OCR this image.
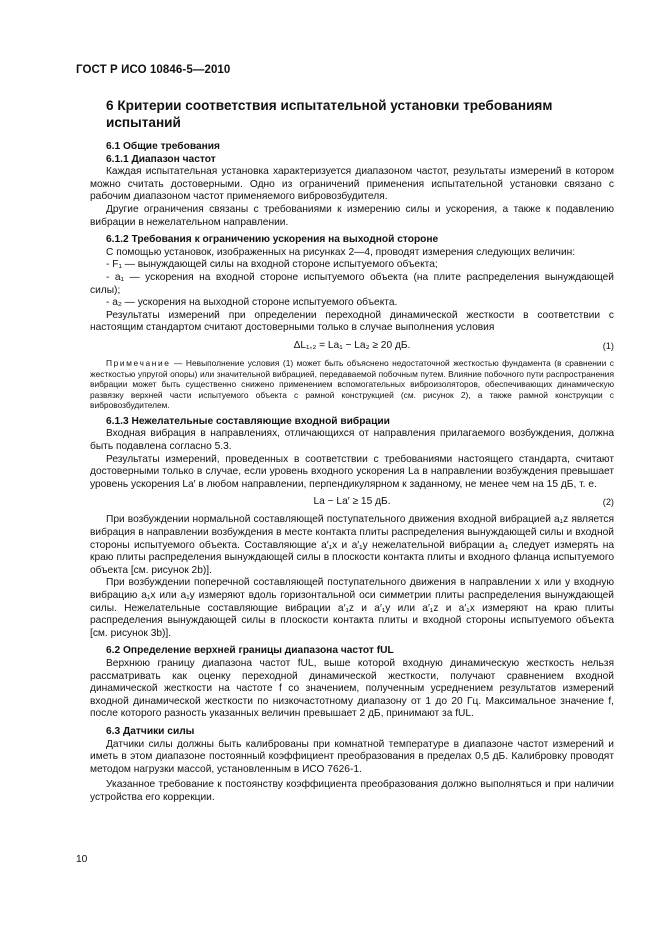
ГОСТ Р ИСО 10846-5—2010

6 Критерии соответствия испытательной установки требованиям испытаний

6.1 Общие требования

6.1.1 Диапазон частот

Каждая испытательная установка характеризуется диапазоном частот, результаты измерений в котором можно считать достоверными. Одно из ограничений применения испытательной установки связано с рабочим диапазоном частот применяемого вибровозбудителя.

Другие ограничения связаны с требованиями к измерению силы и ускорения, а также к подавлению вибрации в нежелательном направлении.

6.1.2 Требования к ограничению ускорения на выходной стороне

С помощью установок, изображенных на рисунках 2—4, проводят измерения следующих величин:

- F₁ — вынуждающей силы на входной стороне испытуемого объекта;

- a₁ — ускорения на входной стороне испытуемого объекта (на плите распределения вынуждающей силы);

- a₂ — ускорения на выходной стороне испытуемого объекта.

Результаты измерений при определении переходной динамической жесткости в соответствии с настоящим стандартом считают достоверными только в случае выполнения условия

ΔL₁,₂ = La₁ − La₂ ≥ 20 дБ.	(1)

Примечание — Невыполнение условия (1) может быть объяснено недостаточной жесткостью фундамента (в сравнении с жесткостью упругой опоры) или значительной вибрацией, передаваемой побочным путем. Влияние побочного пути распространения вибрации может быть существенно снижено применением вспомогательных виброизоляторов, обеспечивающих динамическую развязку верхней части испытуемого объекта с рамной конструкцией (см. рисунок 2), а также рамной конструкции с вибровозбудителем.

6.1.3 Нежелательные составляющие входной вибрации

Входная вибрация в направлениях, отличающихся от направления прилагаемого возбуждения, должна быть подавлена согласно 5.3.

Результаты измерений, проведенных в соответствии с требованиями настоящего стандарта, считают достоверными только в случае, если уровень входного ускорения La в направлении возбуждения превышает уровень ускорения La′ в любом направлении, перпендикулярном к заданному, не менее чем на 15 дБ, т. е.

La − La′ ≥ 15 дБ.	(2)

При возбуждении нормальной составляющей поступательного движения входной вибрацией a₁z является вибрация в направлении возбуждения в месте контакта плиты распределения вынуждающей силы и входной стороны испытуемого объекта. Составляющие a′₁x и a′₁y нежелательной вибрации a₁ следует измерять на краю плиты распределения вынуждающей силы в плоскости контакта плиты и входного фланца испытуемого объекта [см. рисунок 2b)].

При возбуждении поперечной составляющей поступательного движения в направлении x или y входную вибрацию a₁x или a₁y измеряют вдоль горизонтальной оси симметрии плиты распределения вынуждающей силы. Нежелательные составляющие вибрации a′₁z и a′₁y или a′₁z и a′₁x измеряют на краю плиты распределения вынуждающей силы в плоскости контакта плиты и входной стороны испытуемого объекта [см. рисунок 3b)].

6.2 Определение верхней границы диапазона частот fUL

Верхнюю границу диапазона частот fUL, выше которой входную динамическую жесткость нельзя рассматривать как оценку переходной динамической жесткости, получают сравнением входной динамической жесткости на частоте f со значением, полученным усреднением результатов измерений входной динамической жесткости по низкочастотному диапазону от 1 до 20 Гц. Максимальное значение f, после которого разность указанных величин превышает 2 дБ, принимают за fUL.

6.3 Датчики силы

Датчики силы должны быть калиброваны при комнатной температуре в диапазоне частот измерений и иметь в этом диапазоне постоянный коэффициент преобразования в пределах 0,5 дБ. Калибровку проводят методом нагрузки массой, установленным в ИСО 7626-1.

Указанное требование к постоянству коэффициента преобразования должно выполняться и при наличии устройства его коррекции.

10
